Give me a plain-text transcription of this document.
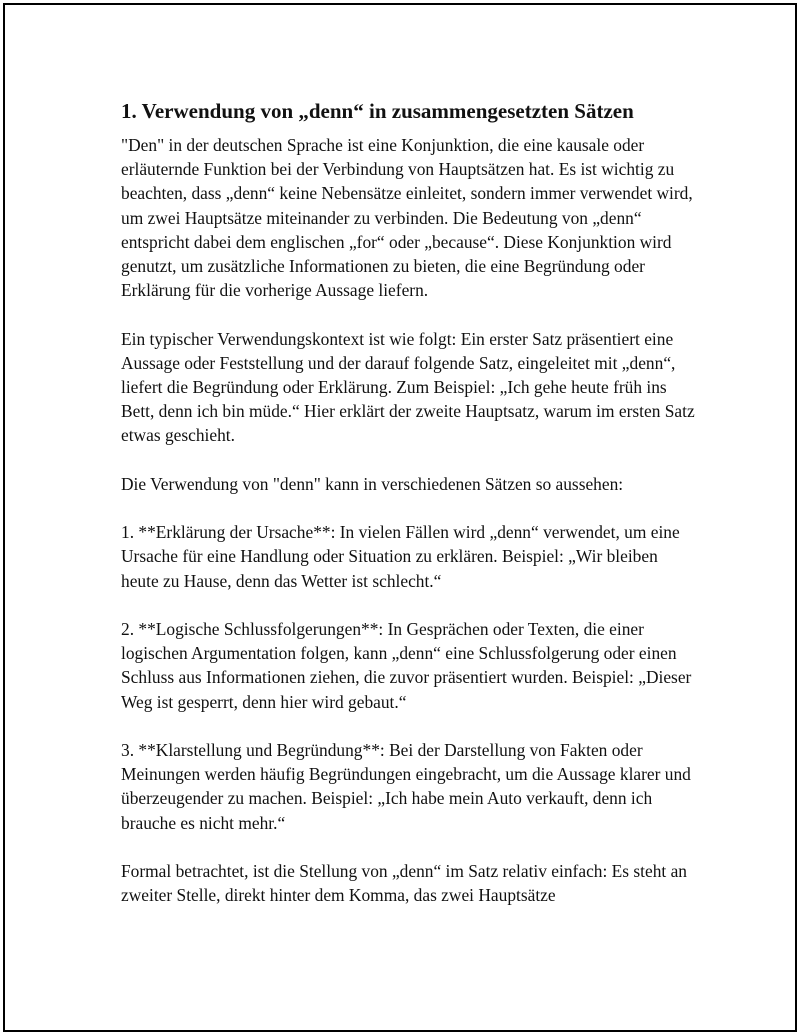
1. Verwendung von „denn“ in zusammengesetzten Sätzen

"Den" in der deutschen Sprache ist eine Konjunktion, die eine kausale oder erläuternde Funktion bei der Verbindung von Hauptsätzen hat. Es ist wichtig zu beachten, dass „denn“ keine Nebensätze einleitet, sondern immer verwendet wird, um zwei Hauptsätze miteinander zu verbinden. Die Bedeutung von „denn“ entspricht dabei dem englischen „for“ oder „because“. Diese Konjunktion wird genutzt, um zusätzliche Informationen zu bieten, die eine Begründung oder Erklärung für die vorherige Aussage liefern.

Ein typischer Verwendungskontext ist wie folgt: Ein erster Satz präsentiert eine Aussage oder Feststellung und der darauf folgende Satz, eingeleitet mit „denn“, liefert die Begründung oder Erklärung. Zum Beispiel: „Ich gehe heute früh ins Bett, denn ich bin müde.“ Hier erklärt der zweite Hauptsatz, warum im ersten Satz etwas geschieht.

Die Verwendung von "denn" kann in verschiedenen Sätzen so aussehen:

1. **Erklärung der Ursache**: In vielen Fällen wird „denn“ verwendet, um eine Ursache für eine Handlung oder Situation zu erklären. Beispiel: „Wir bleiben heute zu Hause, denn das Wetter ist schlecht.“

2. **Logische Schlussfolgerungen**: In Gesprächen oder Texten, die einer logischen Argumentation folgen, kann „denn“ eine Schlussfolgerung oder einen Schluss aus Informationen ziehen, die zuvor präsentiert wurden. Beispiel: „Dieser Weg ist gesperrt, denn hier wird gebaut.“

3. **Klarstellung und Begründung**: Bei der Darstellung von Fakten oder Meinungen werden häufig Begründungen eingebracht, um die Aussage klarer und überzeugender zu machen. Beispiel: „Ich habe mein Auto verkauft, denn ich brauche es nicht mehr.“

Formal betrachtet, ist die Stellung von „denn“ im Satz relativ einfach: Es steht an zweiter Stelle, direkt hinter dem Komma, das zwei Hauptsätze
